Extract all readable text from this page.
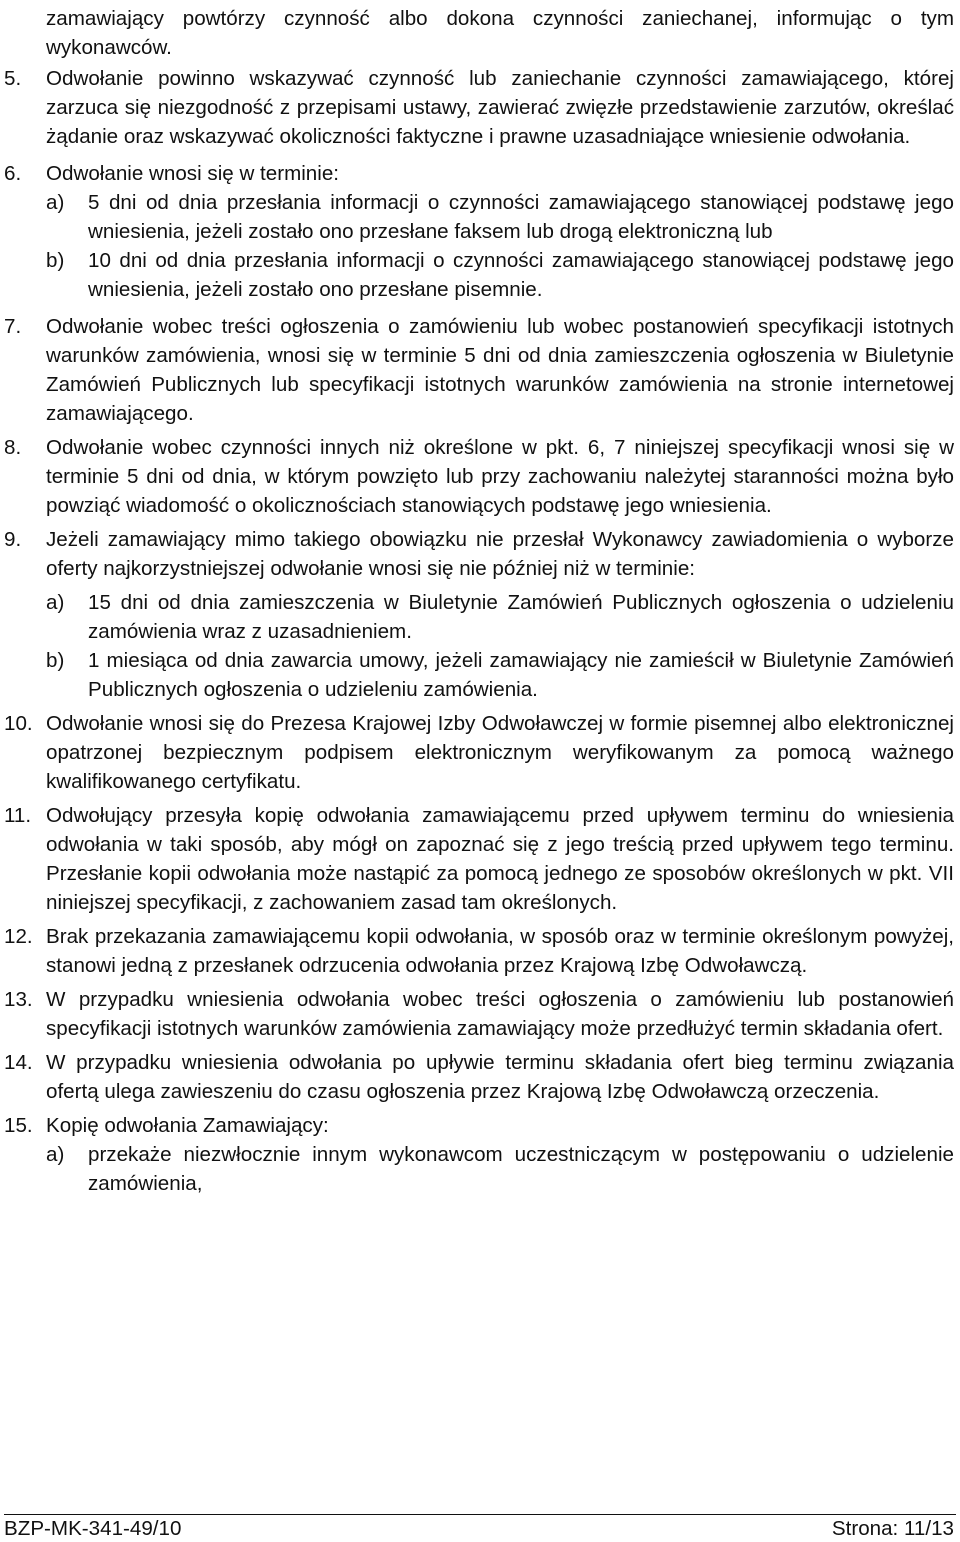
zamawiający powtórzy czynność albo dokona czynności zaniechanej, informując o tym wykonawców.
5.	Odwołanie powinno wskazywać czynność lub zaniechanie czynności zamawiającego, której zarzuca się niezgodność z przepisami ustawy, zawierać zwięzłe przedstawienie zarzutów, określać żądanie oraz wskazywać okoliczności faktyczne i prawne uzasadniające wniesienie odwołania.
6.	Odwołanie wnosi się w terminie:
a)	5 dni od dnia przesłania informacji o czynności zamawiającego stanowiącej podstawę jego wniesienia, jeżeli zostało ono przesłane faksem lub drogą elektroniczną lub
b)	10 dni od dnia przesłania informacji o czynności zamawiającego stanowiącej podstawę jego wniesienia, jeżeli zostało ono przesłane pisemnie.
7.	Odwołanie wobec treści ogłoszenia o zamówieniu lub wobec postanowień specyfikacji istotnych warunków zamówienia, wnosi się w terminie 5 dni od dnia zamieszczenia ogłoszenia w Biuletynie Zamówień Publicznych lub specyfikacji istotnych warunków zamówienia na stronie internetowej zamawiającego.
8.	Odwołanie wobec czynności innych niż określone w pkt. 6, 7 niniejszej specyfikacji wnosi się w terminie 5 dni od dnia, w którym powzięto lub przy zachowaniu należytej staranności można było powziąć wiadomość o okolicznościach stanowiących podstawę jego wniesienia.
9.	Jeżeli zamawiający mimo takiego obowiązku nie przesłał Wykonawcy zawiadomienia o wyborze oferty najkorzystniejszej odwołanie wnosi się nie później niż w terminie:
a)	15 dni od dnia zamieszczenia w Biuletynie Zamówień Publicznych ogłoszenia o udzieleniu zamówienia wraz z uzasadnieniem.
b)	1 miesiąca od dnia zawarcia umowy, jeżeli zamawiający nie zamieścił w Biuletynie Zamówień Publicznych ogłoszenia o udzieleniu zamówienia.
10. Odwołanie wnosi się do Prezesa Krajowej Izby Odwoławczej w formie pisemnej albo elektronicznej opatrzonej bezpiecznym podpisem elektronicznym weryfikowanym za pomocą ważnego kwalifikowanego certyfikatu.
11. Odwołujący przesyła kopię odwołania zamawiającemu przed upływem terminu do wniesienia odwołania w taki sposób, aby mógł on zapoznać się z jego treścią przed upływem tego terminu. Przesłanie kopii odwołania może nastąpić za pomocą jednego ze sposobów określonych w pkt. VII niniejszej specyfikacji, z zachowaniem zasad tam określonych.
12. Brak przekazania zamawiającemu kopii odwołania, w sposób oraz w terminie określonym powyżej, stanowi jedną z przesłanek odrzucenia odwołania przez Krajową Izbę Odwoławczą.
13. W przypadku wniesienia odwołania wobec treści ogłoszenia o zamówieniu lub postanowień specyfikacji istotnych warunków zamówienia zamawiający może przedłużyć termin składania ofert.
14. W przypadku wniesienia odwołania po upływie terminu składania ofert bieg terminu związania ofertą ulega zawieszeniu do czasu ogłoszenia przez Krajową Izbę Odwoławczą orzeczenia.
15. Kopię odwołania Zamawiający:
a)	przekaże niezwłocznie innym wykonawcom uczestniczącym w postępowaniu o udzielenie zamówienia,
BZP-MK-341-49/10	Strona: 11/13
